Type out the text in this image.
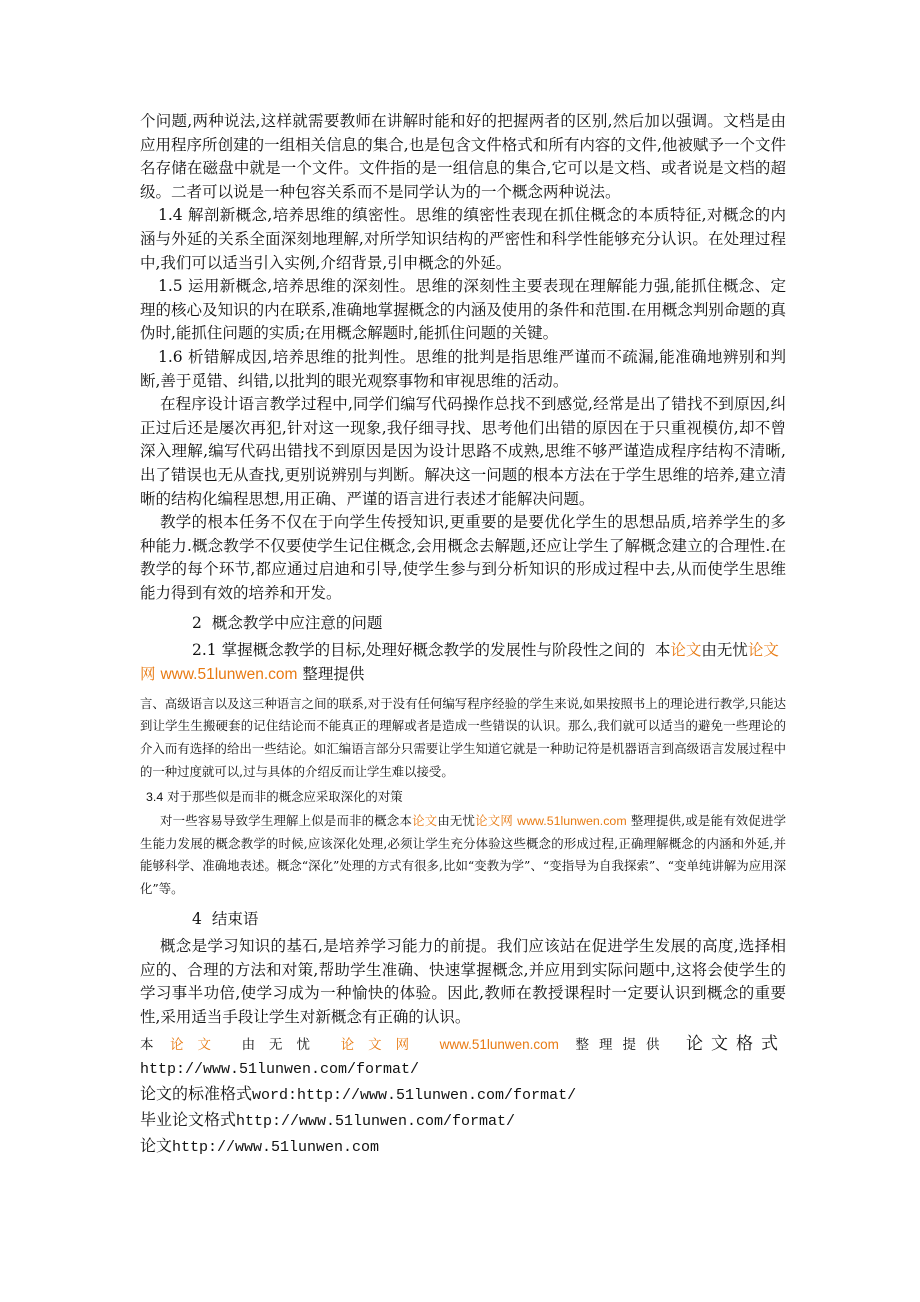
个问题,两种说法,这样就需要教师在讲解时能和好的把握两者的区别,然后加以强调。文档是由应用程序所创建的一组相关信息的集合,也是包含文件格式和所有内容的文件,他被赋予一个文件名存储在磁盘中就是一个文件。文件指的是一组信息的集合,它可以是文档、或者说是文档的超级。二者可以说是一种包容关系而不是同学认为的一个概念两种说法。

1.4 解剖新概念,培养思维的缜密性。思维的缜密性表现在抓住概念的本质特征,对概念的内涵与外延的关系全面深刻地理解,对所学知识结构的严密性和科学性能够充分认识。在处理过程中,我们可以适当引入实例,介绍背景,引申概念的外延。

1.5 运用新概念,培养思维的深刻性。思维的深刻性主要表现在理解能力强,能抓住概念、定理的核心及知识的内在联系,准确地掌握概念的内涵及使用的条件和范围.在用概念判别命题的真伪时,能抓住问题的实质;在用概念解题时,能抓住问题的关键。

1.6 析错解成因,培养思维的批判性。思维的批判是指思维严谨而不疏漏,能准确地辨别和判断,善于觅错、纠错,以批判的眼光观察事物和审视思维的活动。

在程序设计语言教学过程中,同学们编写代码操作总找不到感觉,经常是出了错找不到原因,纠正过后还是屡次再犯,针对这一现象,我仔细寻找、思考他们出错的原因在于只重视模仿,却不曾深入理解,编写代码出错找不到原因是因为设计思路不成熟,思维不够严谨造成程序结构不清晰,出了错误也无从查找,更别说辨别与判断。解决这一问题的根本方法在于学生思维的培养,建立清晰的结构化编程思想,用正确、严谨的语言进行表述才能解决问题。

教学的根本任务不仅在于向学生传授知识,更重要的是要优化学生的思想品质,培养学生的多种能力.概念教学不仅要使学生记住概念,会用概念去解题,还应让学生了解概念建立的合理性.在教学的每个环节,都应通过启迪和引导,使学生参与到分析知识的形成过程中去,从而使学生思维能力得到有效的培养和开发。

2 概念教学中应注意的问题

2.1 掌握概念教学的目标,处理好概念教学的发展性与阶段性之间的 本论文由无忧论文网 www.51lunwen.com 整理提供

言、高级语言以及这三种语言之间的联系,对于没有任何编写程序经验的学生来说,如果按照书上的理论进行教学,只能达到让学生生搬硬套的记住结论而不能真正的理解或者是造成一些错误的认识。那么,我们就可以适当的避免一些理论的介入而有选择的给出一些结论。如汇编语言部分只需要让学生知道它就是一种助记符是机器语言到高级语言发展过程中的一种过度就可以,过与具体的介绍反而让学生难以接受。

3.4 对于那些似是而非的概念应采取深化的对策

对一些容易导致学生理解上似是而非的概念本论文由无忧论文网 www.51lunwen.com 整理提供,或是能有效促进学生能力发展的概念教学的时候,应该深化处理,必须让学生充分体验这些概念的形成过程,正确理解概念的内涵和外延,并能够科学、准确地表述。概念“深化”处理的方式有很多,比如“变教为学”、“变指导为自我探索”、“变单纯讲解为应用深化”等。

4 结束语

概念是学习知识的基石,是培养学习能力的前提。我们应该站在促进学生发展的高度,选择相应的、合理的方法和对策,帮助学生准确、快速掌握概念,并应用到实际问题中,这将会使学生的学习事半功倍,使学习成为一种愉快的体验。因此,教师在教授课程时一定要认识到概念的重要性,采用适当手段让学生对新概念有正确的认识。

本 论文 由无忧 论文网 www.51lunwen.com 整理提供 论文格式

http://www.51lunwen.com/format/

论文的标准格式word:http://www.51lunwen.com/format/

毕业论文格式http://www.51lunwen.com/format/

论文http://www.51lunwen.com
